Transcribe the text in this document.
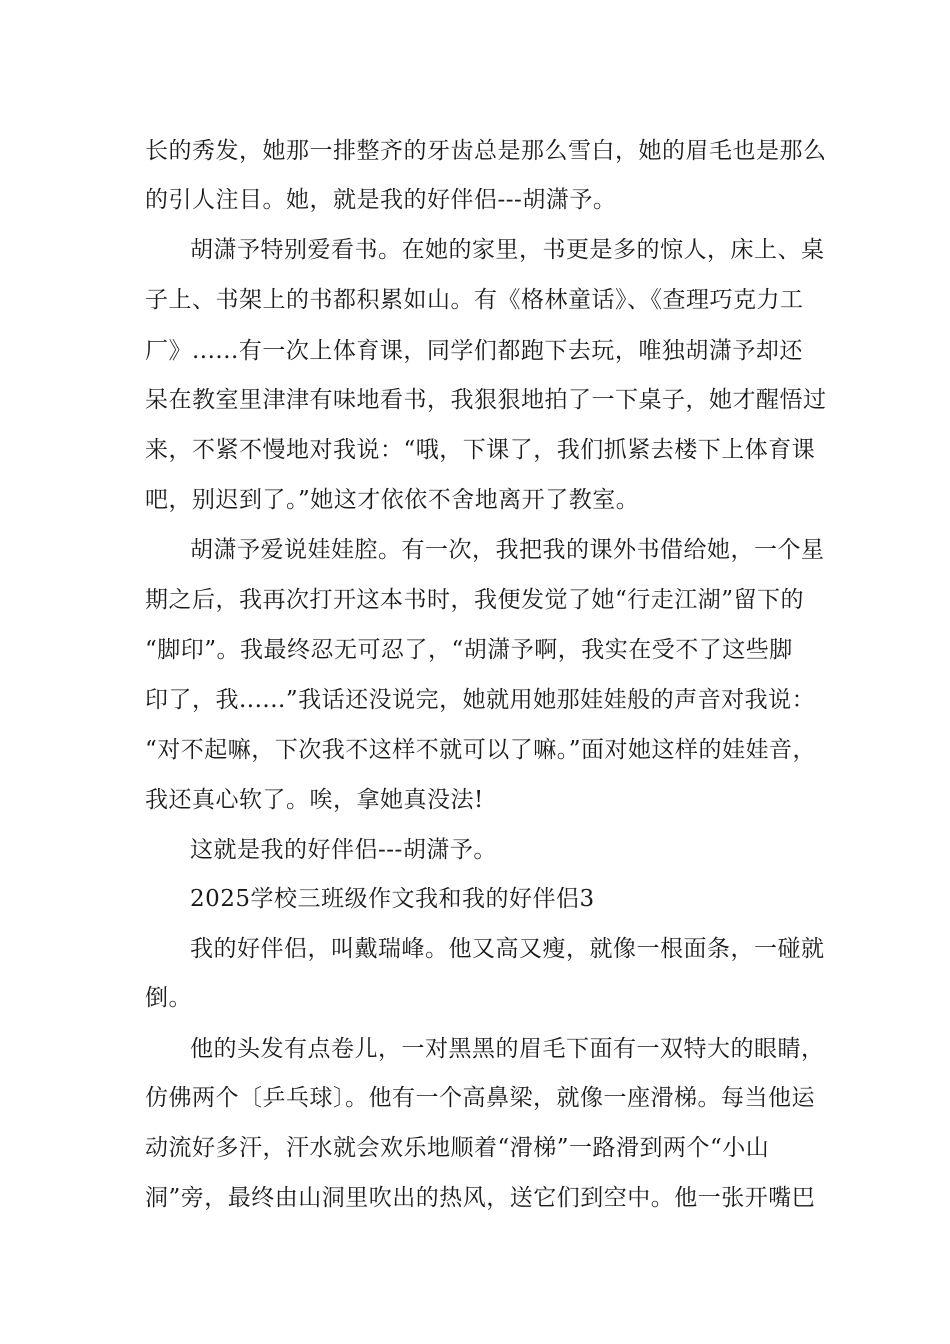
长的秀发，她那一排整齐的牙齿总是那么雪白，她的眉毛也是那么
的引人注目。她，就是我的好伴侣---胡潇予。
胡潇予特别爱看书。在她的家里，书更是多的惊人，床上、桌
子上、书架上的书都积累如山。有《格林童话》、《查理巧克力工
厂》......有一次上体育课，同学们都跑下去玩，唯独胡潇予却还
呆在教室里津津有味地看书，我狠狠地拍了一下桌子，她才醒悟过
来，不紧不慢地对我说：“哦，下课了，我们抓紧去楼下上体育课
吧，别迟到了。”她这才依依不舍地离开了教室。
胡潇予爱说娃娃腔。有一次，我把我的课外书借给她，一个星
期之后，我再次打开这本书时，我便发觉了她“行走江湖”留下的
“脚印”。我最终忍无可忍了，“胡潇予啊，我实在受不了这些脚
印了，我......”我话还没说完，她就用她那娃娃般的声音对我说：
“对不起嘛，下次我不这样不就可以了嘛。”面对她这样的娃娃音，
我还真心软了。唉，拿她真没法!
这就是我的好伴侣---胡潇予。
2025学校三班级作文我和我的好伴侣3
我的好伴侣，叫戴瑞峰。他又高又瘦，就像一根面条，一碰就
倒。
他的头发有点卷儿，一对黑黑的眉毛下面有一双特大的眼睛，
仿佛两个〔乒乓球〕。他有一个高鼻梁，就像一座滑梯。每当他运
动流好多汗，汗水就会欢乐地顺着“滑梯”一路滑到两个“小山
洞”旁，最终由山洞里吹出的热风，送它们到空中。他一张开嘴巴
